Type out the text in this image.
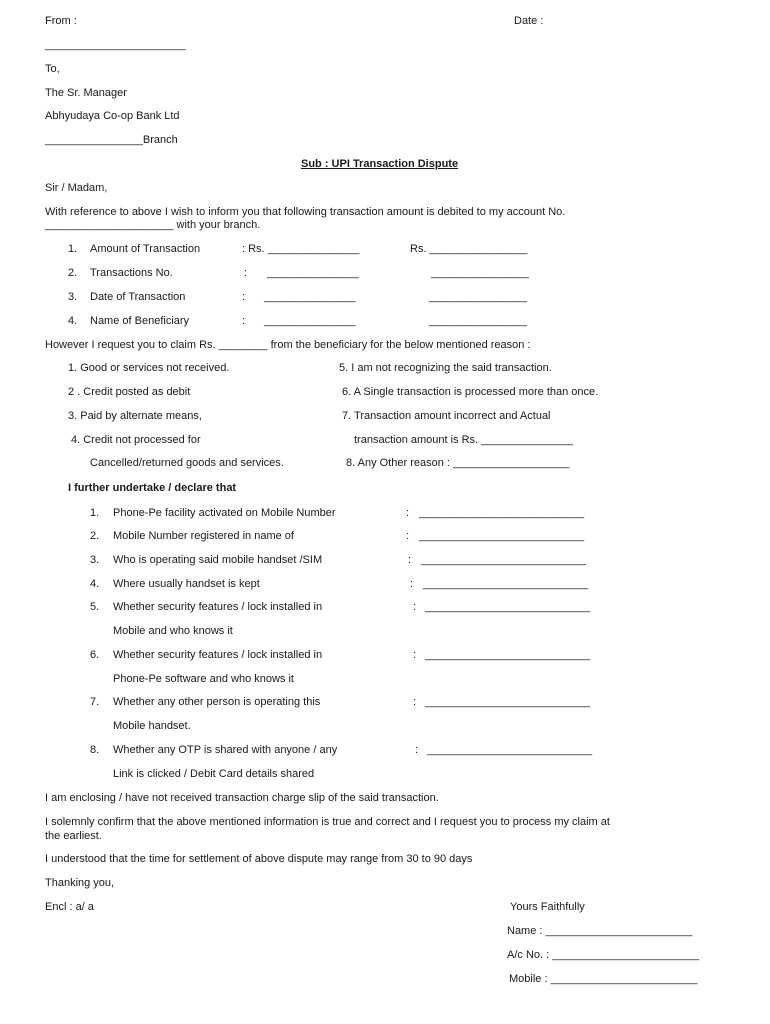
From :	Date :
_______________________
To,
The Sr. Manager
Abhyudaya Co-op Bank Ltd
________________Branch
Sub : UPI Transaction Dispute
Sir / Madam,
With reference to above I wish to inform you that following transaction amount is debited to my account No.
_____________________ with your branch.
1. Amount of Transaction	: Rs. _______________	Rs. ________________
2. Transactions No.	: _______________	________________
3. Date of Transaction	: _______________	________________
4. Name of Beneficiary	: _______________	________________
However I request you to claim Rs. ________ from the beneficiary for the below mentioned reason :
1. Good or services not received.	5. I am not recognizing the said transaction.
2 . Credit posted as debit	6. A Single transaction is processed more than once.
3. Paid by alternate means,	7. Transaction amount incorrect and Actual
4. Credit not processed for	transaction amount is Rs. _______________
Cancelled/returned goods and services.	8. Any Other reason : ___________________
I further undertake / declare that
1. Phone-Pe facility activated on Mobile Number	: ___________________________
2. Mobile Number registered in name of	: ___________________________
3. Who is operating said mobile handset /SIM	: ___________________________
4. Where usually handset is kept	: ___________________________
5. Whether security features / lock installed in	: ___________________________
Mobile and who knows it
6. Whether security features / lock installed in	: ___________________________
Phone-Pe software and who knows it
7. Whether any other person is operating this	: ___________________________
Mobile handset.
8. Whether any OTP is shared with anyone / any	: ___________________________
Link is clicked / Debit Card details shared
I am enclosing / have not received transaction charge slip of the said transaction.
I solemnly confirm that the above mentioned information is true and correct and I request you to process my claim at
the earliest.
I understood that the time for settlement of above dispute may range from 30 to 90 days
Thanking you,
Encl : a/ a	Yours Faithfully
Name : ________________________
A/c No. : ________________________
Mobile : ________________________
